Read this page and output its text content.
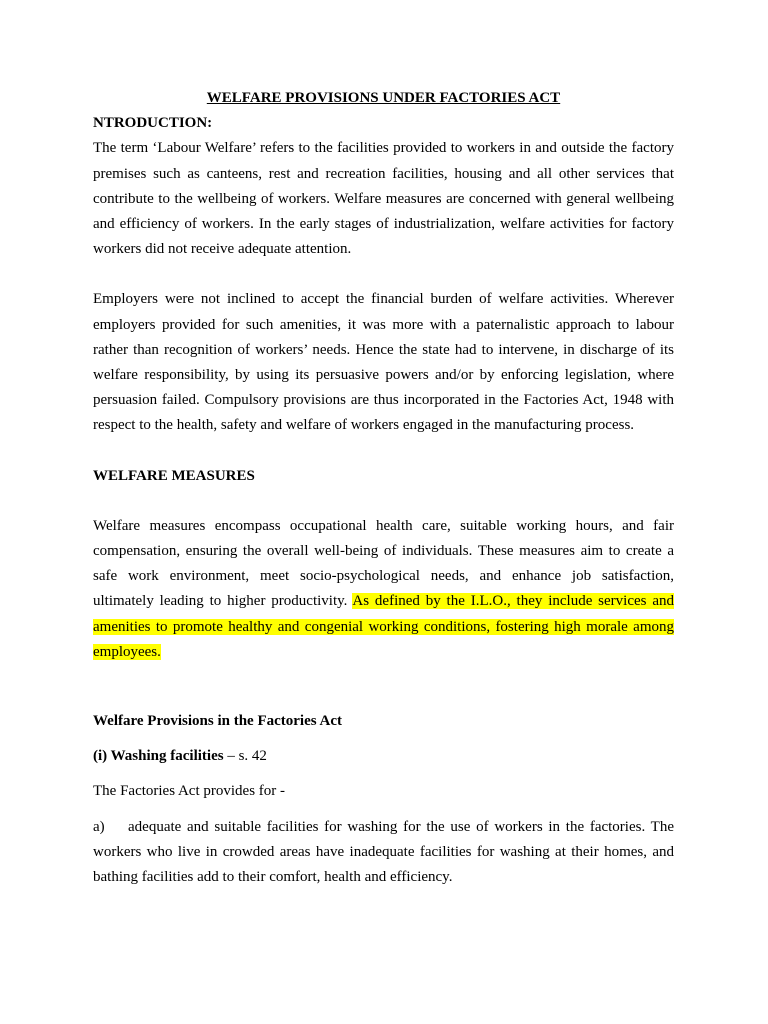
WELFARE PROVISIONS UNDER FACTORIES ACT

NTRODUCTION:

The term ‘Labour Welfare’ refers to the facilities provided to workers in and outside the factory premises such as canteens, rest and recreation facilities, housing and all other services that contribute to the wellbeing of workers. Welfare measures are concerned with general wellbeing and efficiency of workers. In the early stages of industrialization, welfare activities for factory workers did not receive adequate attention.

Employers were not inclined to accept the financial burden of welfare activities. Wherever employers provided for such amenities, it was more with a paternalistic approach to labour rather than recognition of workers’ needs. Hence the state had to intervene, in discharge of its welfare responsibility, by using its persuasive powers and/or by enforcing legislation, where persuasion failed. Compulsory provisions are thus incorporated in the Factories Act, 1948 with respect to the health, safety and welfare of workers engaged in the manufacturing process.

WELFARE MEASURES

Welfare measures encompass occupational health care, suitable working hours, and fair compensation, ensuring the overall well-being of individuals. These measures aim to create a safe work environment, meet socio-psychological needs, and enhance job satisfaction, ultimately leading to higher productivity. As defined by the I.L.O., they include services and amenities to promote healthy and congenial working conditions, fostering high morale among employees.

Welfare Provisions in the Factories Act

(i) Washing facilities – s. 42

The Factories Act provides for -

a) adequate and suitable facilities for washing for the use of workers in the factories. The workers who live in crowded areas have inadequate facilities for washing at their homes, and bathing facilities add to their comfort, health and efficiency.
